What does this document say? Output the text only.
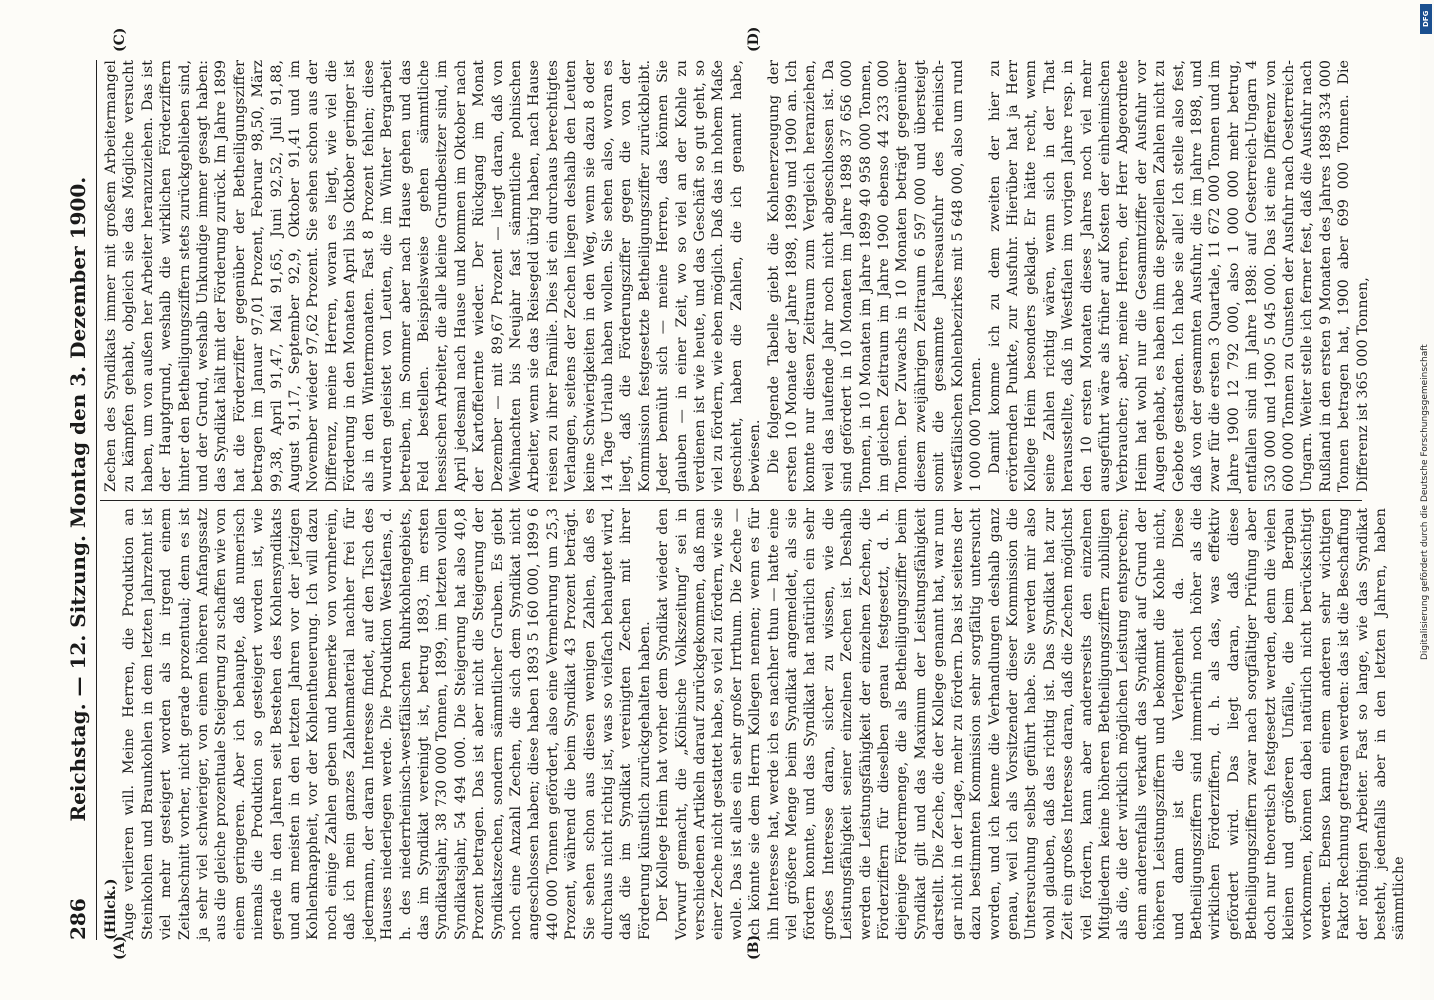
286
Reichstag. — 12. Sitzung. Montag den 3. Dezember 1900.
(A)	(B)
(C)	(D)

(Hilck.) Auge verlieren will. Meine Herren, die Produktion an Steinkohlen und Braunkohlen in dem letzten Jahrzehnt ist viel mehr gesteigert worden als in irgend einem Zeitabschnitt vorher, nicht gerade prozentual; denn es ist ja sehr viel schwieriger, von einem höheren Anfangssatz aus die gleiche prozentuale Steigerung zu schaffen wie von einem geringeren. Aber ich behaupte, daß numerisch niemals die Produktion so gesteigert worden ist, wie gerade in den Jahren seit Bestehen des Kohlensyndikats und am meisten in den letzten Jahren vor der jetzigen Kohlenknappheit, vor der Kohlentheuerung. Ich will dazu noch einige Zahlen geben und bemerke von vornherein, daß ich mein ganzes Zahlenmaterial nachher frei für jedermann, der daran Interesse findet, auf den Tisch des Hauses niederlegen werde. Die Produktion Westfalens, d. h. des niederrheinisch-westfälischen Ruhrkohlengebiets, das im Syndikat vereinigt ist, betrug 1893, im ersten Syndikatsjahr, 38 730 000 Tonnen, 1899, im letzten vollen Syndikatsjahr, 54 494 000. Die Steigerung hat also 40,8 Prozent betragen. Das ist aber nicht die Steigerung der Syndikatszechen, sondern sämmtlicher Gruben. Es giebt noch eine Anzahl Zechen, die sich dem Syndikat nicht angeschlossen haben; diese haben 1893 5 160 000, 1899 6 440 000 Tonnen gefördert, also eine Vermehrung um 25,3 Prozent, während die beim Syndikat 43 Prozent beträgt. Sie sehen schon aus diesen wenigen Zahlen, daß es durchaus nicht richtig ist, was so vielfach behauptet wird, daß die im Syndikat vereinigten Zechen mit ihrer Förderung künstlich zurückgehalten haben. Der Kollege Heim hat vorher dem Syndikat wieder den Vorwurf gemacht, die „Kölnische Volkszeitung“ sei in verschiedenen Artikeln darauf zurückgekommen, daß man einer Zeche nicht gestattet habe, so viel zu fördern, wie sie wolle. Das ist alles ein sehr großer Irrthum. Die Zeche — ich könnte sie dem Herrn Kollegen nennen; wenn es für ihn Interesse hat, werde ich es nachher thun — hatte eine viel größere Menge beim Syndikat angemeldet, als sie fördern konnte, und das Syndikat hat natürlich ein sehr großes Interesse daran, sicher zu wissen, wie die Leistungsfähigkeit seiner einzelnen Zechen ist. Deshalb werden die Leistungsfähigkeit der einzelnen Zechen, die Förderziffern für dieselben genau festgesetzt, d. h. diejenige Fördermenge, die als Betheiligungsziffer beim Syndikat gilt und das Maximum der Leistungsfähigkeit darstellt. Die Zeche, die der Kollege genannt hat, war nun gar nicht in der Lage, mehr zu fördern. Das ist seitens der dazu bestimmten Kommission sehr sorgfältig untersucht worden, und ich kenne die Verhandlungen deshalb ganz genau, weil ich als Vorsitzender dieser Kommission die Untersuchung selbst geführt habe. Sie werden mir also wohl glauben, daß das richtig ist. Das Syndikat hat zur Zeit ein großes Interesse daran, daß die Zechen möglichst viel fördern, kann aber andererseits den einzelnen Mitgliedern keine höheren Betheiligungsziffern zubilligen als die, die der wirklich möglichen Leistung entsprechen; denn anderenfalls verkauft das Syndikat auf Grund der höheren Leistungsziffern und bekommt die Kohle nicht, und dann ist die Verlegenheit da. Diese Betheiligungsziffern sind immerhin noch höher als die wirklichen Förderziffern, d. h. als das, was effektiv gefördert wird. Das liegt daran, daß diese Betheiligungsziffern zwar nach sorgfältiger Prüfung aber doch nur theoretisch festgesetzt werden, denn die vielen kleinen und größeren Unfälle, die beim Bergbau vorkommen, können dabei natürlich nicht berücksichtigt werden. Ebenso kann einem anderen sehr wichtigen Faktor Rechnung getragen werden: das ist die Beschaffung der nöthigen Arbeiter. Fast so lange, wie das Syndikat besteht, jedenfalls aber in den letzten Jahren, haben sämmtliche

Zechen des Syndikats immer mit großem Arbeitermangel zu kämpfen gehabt, obgleich sie das Mögliche versucht haben, um von außen her Arbeiter heranzuziehen. Das ist der Hauptgrund, weshalb die wirklichen Förderziffern hinter den Betheiligungsziffern stets zurückgeblieben sind, und der Grund, weshalb Unkundige immer gesagt haben: das Syndikat hält mit der Förderung zurück. Im Jahre 1899 hat die Förderziffer gegenüber der Betheiligungsziffer betragen im Januar 97,01 Prozent, Februar 98,50, März 99,38, April 91,47, Mai 91,65, Juni 92,52, Juli 91,88, August 91,17, September 92,9, Oktober 91,41 und im November wieder 97,62 Prozent. Sie sehen schon aus der Differenz, meine Herren, woran es liegt, wie viel die Förderung in den Monaten April bis Oktober geringer ist als in den Wintermonaten. Fast 8 Prozent fehlen; diese wurden geleistet von Leuten, die im Winter Bergarbeit betreiben, im Sommer aber nach Hause gehen und das Feld bestellen. Beispielsweise gehen sämmtliche hessischen Arbeiter, die alle kleine Grundbesitzer sind, im April jedesmal nach Hause und kommen im Oktober nach der Kartoffelernte wieder. Der Rückgang im Monat Dezember — mit 89,67 Prozent — liegt daran, daß von Weihnachten bis Neujahr fast sämmtliche polnischen Arbeiter, wenn sie das Reisegeld übrig haben, nach Hause reisen zu ihrer Familie. Dies ist ein durchaus berechtigtes Verlangen, seitens der Zechen liegen deshalb den Leuten keine Schwierigkeiten in den Weg, wenn sie dazu 8 oder 14 Tage Urlaub haben wollen. Sie sehen also, woran es liegt, daß die Förderungsziffer gegen die von der Kommission festgesetzte Betheiligungsziffer zurückbleibt. Jeder bemüht sich — meine Herren, das können Sie glauben — in einer Zeit, wo so viel an der Kohle zu verdienen ist wie heute, und das Geschäft so gut geht, so viel zu fördern, wie eben möglich. Daß das in hohem Maße geschieht, haben die Zahlen, die ich genannt habe, bewiesen. Die folgende Tabelle giebt die Kohlenerzeugung der ersten 10 Monate der Jahre 1898, 1899 und 1900 an. Ich konnte nur diesen Zeitraum zum Vergleich heranziehen, weil das laufende Jahr noch nicht abgeschlossen ist. Da sind gefördert in 10 Monaten im Jahre 1898 37 656 000 Tonnen, in 10 Monaten im Jahre 1899 40 958 000 Tonnen, im gleichen Zeitraum im Jahre 1900 ebenso 44 233 000 Tonnen. Der Zuwachs in 10 Monaten beträgt gegenüber diesem zweijährigen Zeitraum 6 597 000 und übersteigt somit die gesammte Jahresausfuhr des rheinisch-westfälischen Kohlenbezirkes mit 5 648 000, also um rund 1 000 000 Tonnen. Damit komme ich zu dem zweiten der hier zu erörternden Punkte, zur Ausfuhr. Hierüber hat ja Herr Kollege Heim besonders geklagt. Er hätte recht, wenn seine Zahlen richtig wären, wenn sich in der That herausstellte, daß in Westfalen im vorigen Jahre resp. in den 10 ersten Monaten dieses Jahres noch viel mehr ausgeführt wäre als früher auf Kosten der einheimischen Verbraucher; aber, meine Herren, der Herr Abgeordnete Heim hat wohl nur die Gesammtziffer der Ausfuhr vor Augen gehabt, es haben ihm die speziellen Zahlen nicht zu Gebote gestanden. Ich habe sie alle! Ich stelle also fest, daß von der gesammten Ausfuhr, die im Jahre 1898, und zwar für die ersten 3 Quartale, 11 672 000 Tonnen und im Jahre 1900 12 792 000, also 1 000 000 mehr betrug, entfallen sind im Jahre 1898: auf Oesterreich-Ungarn 4 530 000 und 1900 5 045 000. Das ist eine Differenz von 600 000 Tonnen zu Gunsten der Ausfuhr nach Oesterreich-Ungarn. Weiter stelle ich ferner fest, daß die Ausfuhr nach Rußland in den ersten 9 Monaten des Jahres 1898 334 000 Tonnen betragen hat, 1900 aber 699 000 Tonnen. Die Differenz ist 365 000 Tonnen,

DFG
Digitalisierung gefördert durch die Deutsche Forschungsgemeinschaft
